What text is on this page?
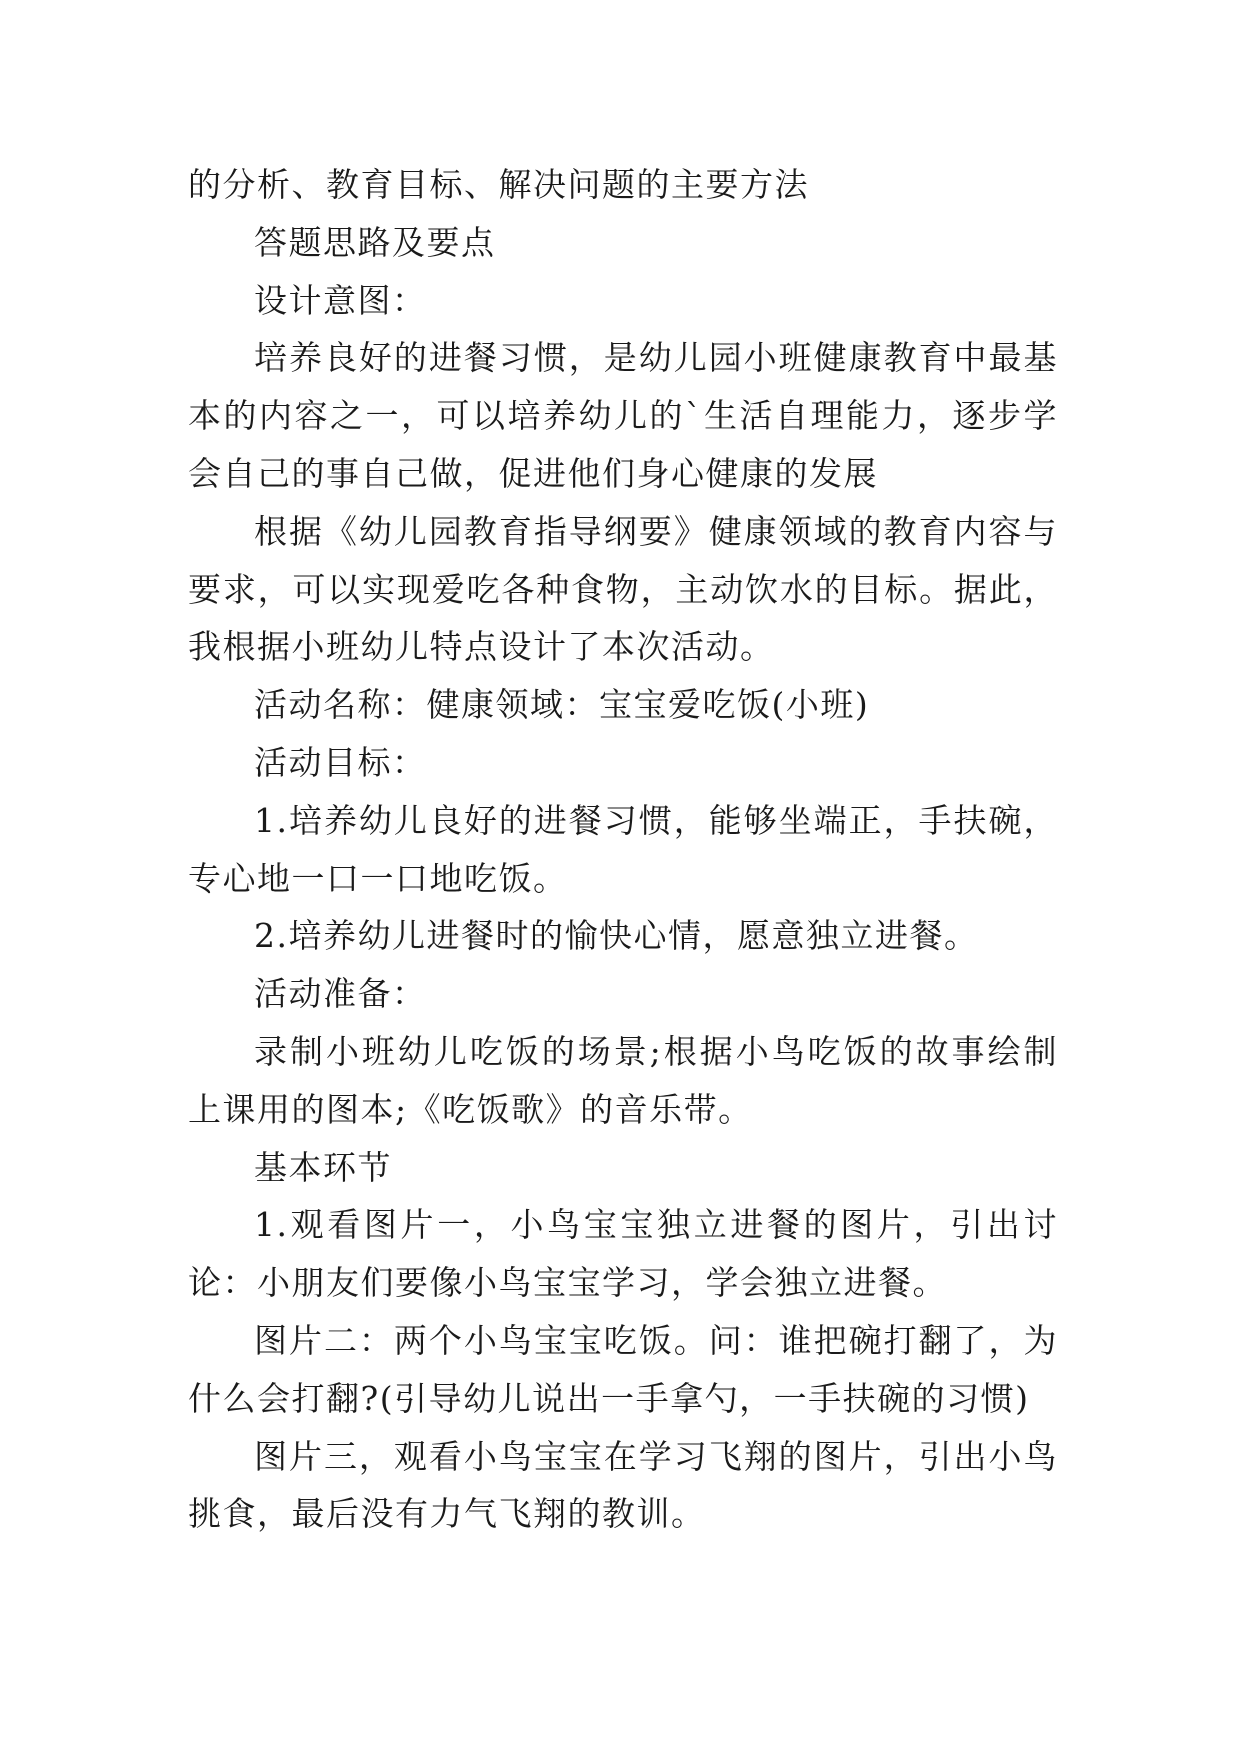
的分析、教育目标、解决问题的主要方法

答题思路及要点

设计意图：

培养良好的进餐习惯，是幼儿园小班健康教育中最基本的内容之一，可以培养幼儿的`生活自理能力，逐步学会自己的事自己做，促进他们身心健康的发展

根据《幼儿园教育指导纲要》健康领域的教育内容与要求，可以实现爱吃各种食物，主动饮水的目标。据此，我根据小班幼儿特点设计了本次活动。

活动名称：健康领域：宝宝爱吃饭(小班)

活动目标：

1.培养幼儿良好的进餐习惯，能够坐端正，手扶碗，专心地一口一口地吃饭。

2.培养幼儿进餐时的愉快心情，愿意独立进餐。

活动准备：

录制小班幼儿吃饭的场景;根据小鸟吃饭的故事绘制上课用的图本;《吃饭歌》的音乐带。

基本环节

1.观看图片一，小鸟宝宝独立进餐的图片，引出讨论：小朋友们要像小鸟宝宝学习，学会独立进餐。

图片二：两个小鸟宝宝吃饭。问：谁把碗打翻了，为什么会打翻?(引导幼儿说出一手拿勺，一手扶碗的习惯)

图片三，观看小鸟宝宝在学习飞翔的图片，引出小鸟挑食，最后没有力气飞翔的教训。
